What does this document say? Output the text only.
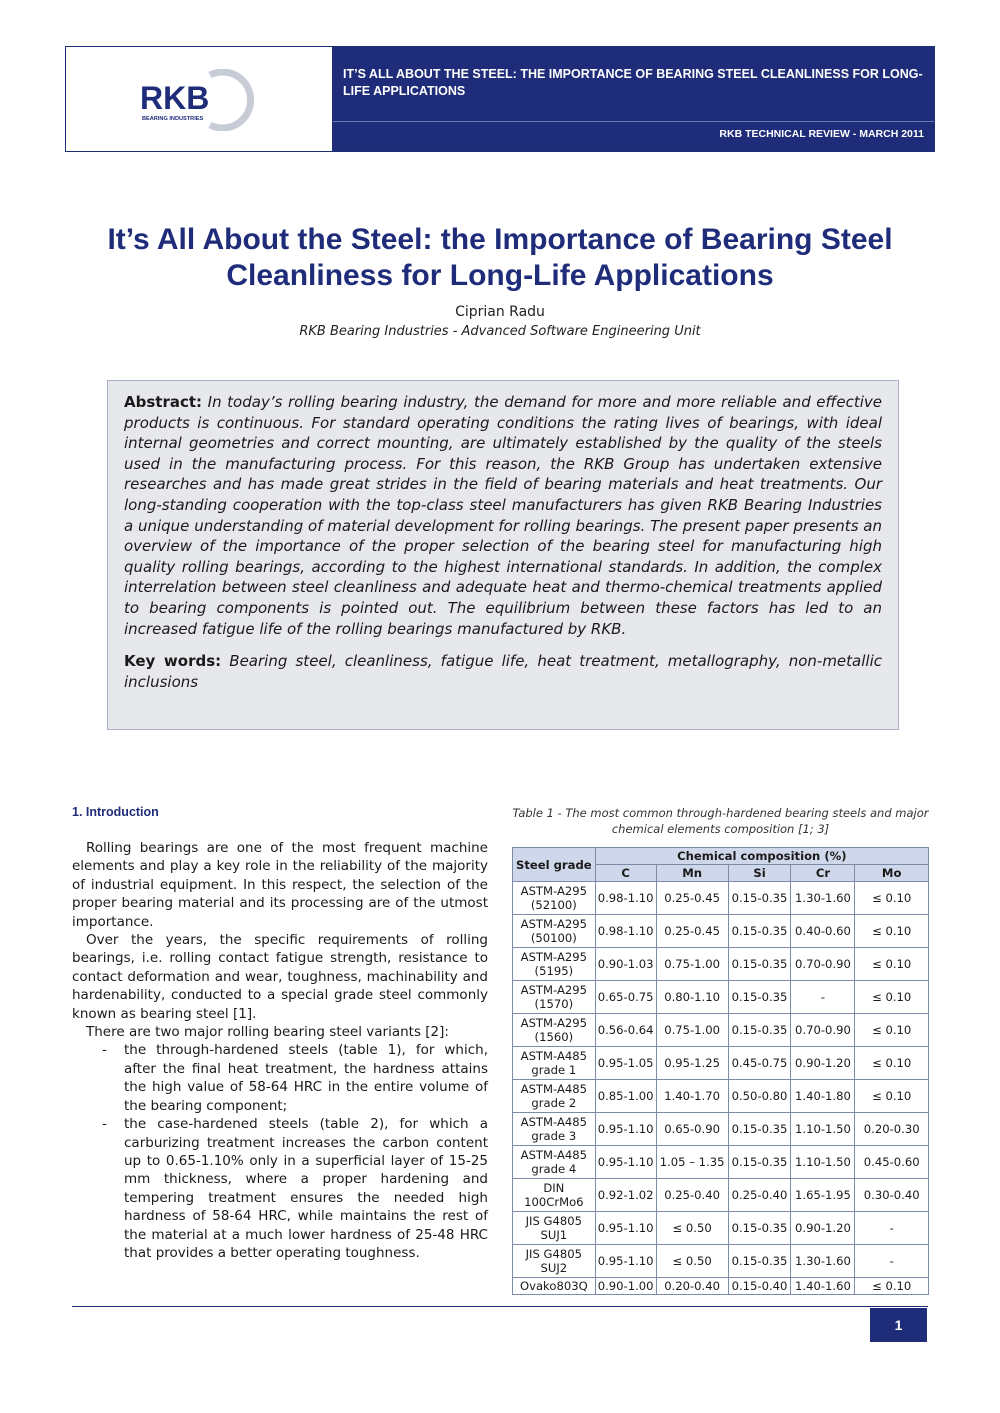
RKB
BEARING INDUSTRIES
IT’S ALL ABOUT THE STEEL: THE IMPORTANCE OF BEARING STEEL CLEANLINESS FOR LONG-LIFE APPLICATIONS
RKB TECHNICAL REVIEW - MARCH 2011
It’s All About the Steel: the Importance of Bearing Steel Cleanliness for Long-Life Applications
Ciprian Radu
RKB Bearing Industries - Advanced Software Engineering Unit

Abstract: In today’s rolling bearing industry, the demand for more and more reliable and effective products is continuous. For standard operating conditions the rating lives of bearings, with ideal internal geometries and correct mounting, are ultimately established by the quality of the steels used in the manufacturing process. For this reason, the RKB Group has undertaken extensive researches and has made great strides in the field of bearing materials and heat treatments. Our long-standing cooperation with the top-class steel manufacturers has given RKB Bearing Industries a unique understanding of material development for rolling bearings. The present paper presents an overview of the importance of the proper selection of the bearing steel for manufacturing high quality rolling bearings, according to the highest international standards. In addition, the complex interrelation between steel cleanliness and adequate heat and thermo-chemical treatments applied to bearing components is pointed out. The equilibrium between these factors has led to an increased fatigue life of the rolling bearings manufactured by RKB.

Key words: Bearing steel, cleanliness, fatigue life, heat treatment, metallography, non-metallic inclusions

1. Introduction

Rolling bearings are one of the most frequent machine elements and play a key role in the reliability of the majority of industrial equipment. In this respect, the selection of the proper bearing material and its processing are of the utmost importance.

Over the years, the specific requirements of rolling bearings, i.e. rolling contact fatigue strength, resistance to contact deformation and wear, toughness, machinability and hardenability, conducted to a special grade steel commonly known as bearing steel [1].

There are two major rolling bearing steel variants [2]:

- the through-hardened steels (table 1), for which, after the final heat treatment, the hardness attains the high value of 58-64 HRC in the entire volume of the bearing component;
- the case-hardened steels (table 2), for which a carburizing treatment increases the carbon content up to 0.65-1.10% only in a superficial layer of 15-25 mm thickness, where a proper hardening and tempering treatment ensures the needed high hardness of 58-64 HRC, while maintains the rest of the material at a much lower hardness of 25-48 HRC that provides a better operating toughness.
Table 1 - The most common through-hardened bearing steels and major chemical elements composition [1; 3]
Steel grade	Chemical composition (%)				
	C	Mn	Si	Cr	Mo
ASTM-A295 (52100)	0.98-1.10	0.25-0.45	0.15-0.35	1.30-1.60	≤ 0.10
ASTM-A295 (50100)	0.98-1.10	0.25-0.45	0.15-0.35	0.40-0.60	≤ 0.10
ASTM-A295 (5195)	0.90-1.03	0.75-1.00	0.15-0.35	0.70-0.90	≤ 0.10
ASTM-A295 (1570)	0.65-0.75	0.80-1.10	0.15-0.35	-	≤ 0.10
ASTM-A295 (1560)	0.56-0.64	0.75-1.00	0.15-0.35	0.70-0.90	≤ 0.10
ASTM-A485 grade 1	0.95-1.05	0.95-1.25	0.45-0.75	0.90-1.20	≤ 0.10
ASTM-A485 grade 2	0.85-1.00	1.40-1.70	0.50-0.80	1.40-1.80	≤ 0.10
ASTM-A485 grade 3	0.95-1.10	0.65-0.90	0.15-0.35	1.10-1.50	0.20-0.30
ASTM-A485 grade 4	0.95-1.10	1.05 – 1.35	0.15-0.35	1.10-1.50	0.45-0.60
DIN 100CrMo6	0.92-1.02	0.25-0.40	0.25-0.40	1.65-1.95	0.30-0.40
JIS G4805 SUJ1	0.95-1.10	≤ 0.50	0.15-0.35	0.90-1.20	-
JIS G4805 SUJ2	0.95-1.10	≤ 0.50	0.15-0.35	1.30-1.60	-
Ovako803Q	0.90-1.00	0.20-0.40	0.15-0.40	1.40-1.60	≤ 0.10
1
